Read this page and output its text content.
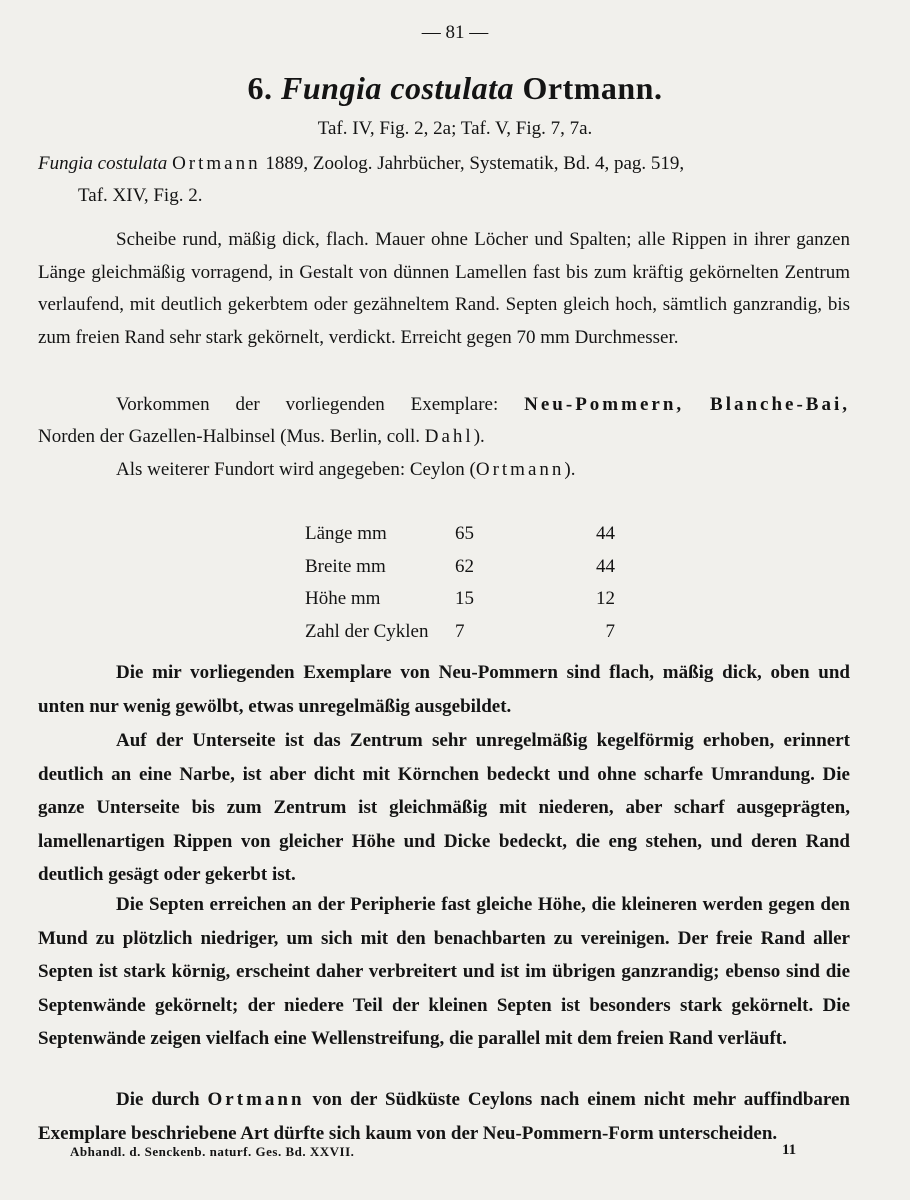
— 81 —
6. Fungia costulata Ortmann.
Taf. IV, Fig. 2, 2a; Taf. V, Fig. 7, 7a.
Fungia costulata Ortmann 1889, Zoolog. Jahrbücher, Systematik, Bd. 4, pag. 519,
Taf. XIV, Fig. 2.
Scheibe rund, mäßig dick, flach. Mauer ohne Löcher und Spalten; alle Rippen in ihrer ganzen Länge gleichmäßig vorragend, in Gestalt von dünnen Lamellen fast bis zum kräftig gekörnelten Zentrum verlaufend, mit deutlich gekerbtem oder gezähneltem Rand. Septen gleich hoch, sämtlich ganzrandig, bis zum freien Rand sehr stark gekörnelt, verdickt. Erreicht gegen 70 mm Durchmesser.
Vorkommen der vorliegenden Exemplare: Neu-Pommern, Blanche-Bai,
Norden der Gazellen-Halbinsel (Mus. Berlin, coll. Dahl).
Als weiterer Fundort wird angegeben: Ceylon (Ortmann).
Länge mm	65	44
Breite mm	62	44
Höhe mm	15	12
Zahl der Cyklen	7	7
Die mir vorliegenden Exemplare von Neu-Pommern sind flach, mäßig dick, oben und unten nur wenig gewölbt, etwas unregelmäßig ausgebildet.
Auf der Unterseite ist das Zentrum sehr unregelmäßig kegelförmig erhoben, erinnert deutlich an eine Narbe, ist aber dicht mit Körnchen bedeckt und ohne scharfe Umrandung. Die ganze Unterseite bis zum Zentrum ist gleichmäßig mit niederen, aber scharf ausgeprägten, lamellenartigen Rippen von gleicher Höhe und Dicke bedeckt, die eng stehen, und deren Rand deutlich gesägt oder gekerbt ist.
Die Septen erreichen an der Peripherie fast gleiche Höhe, die kleineren werden gegen den Mund zu plötzlich niedriger, um sich mit den benachbarten zu vereinigen. Der freie Rand aller Septen ist stark körnig, erscheint daher verbreitert und ist im übrigen ganzrandig; ebenso sind die Septenwände gekörnelt; der niedere Teil der kleinen Septen ist besonders stark gekörnelt. Die Septenwände zeigen vielfach eine Wellenstreifung, die parallel mit dem freien Rand verläuft.
Die durch Ortmann von der Südküste Ceylons nach einem nicht mehr auffindbaren Exemplare beschriebene Art dürfte sich kaum von der Neu-Pommern-Form unterscheiden.
Abhandl. d. Senckenb. naturf. Ges. Bd. XXVII.	11
